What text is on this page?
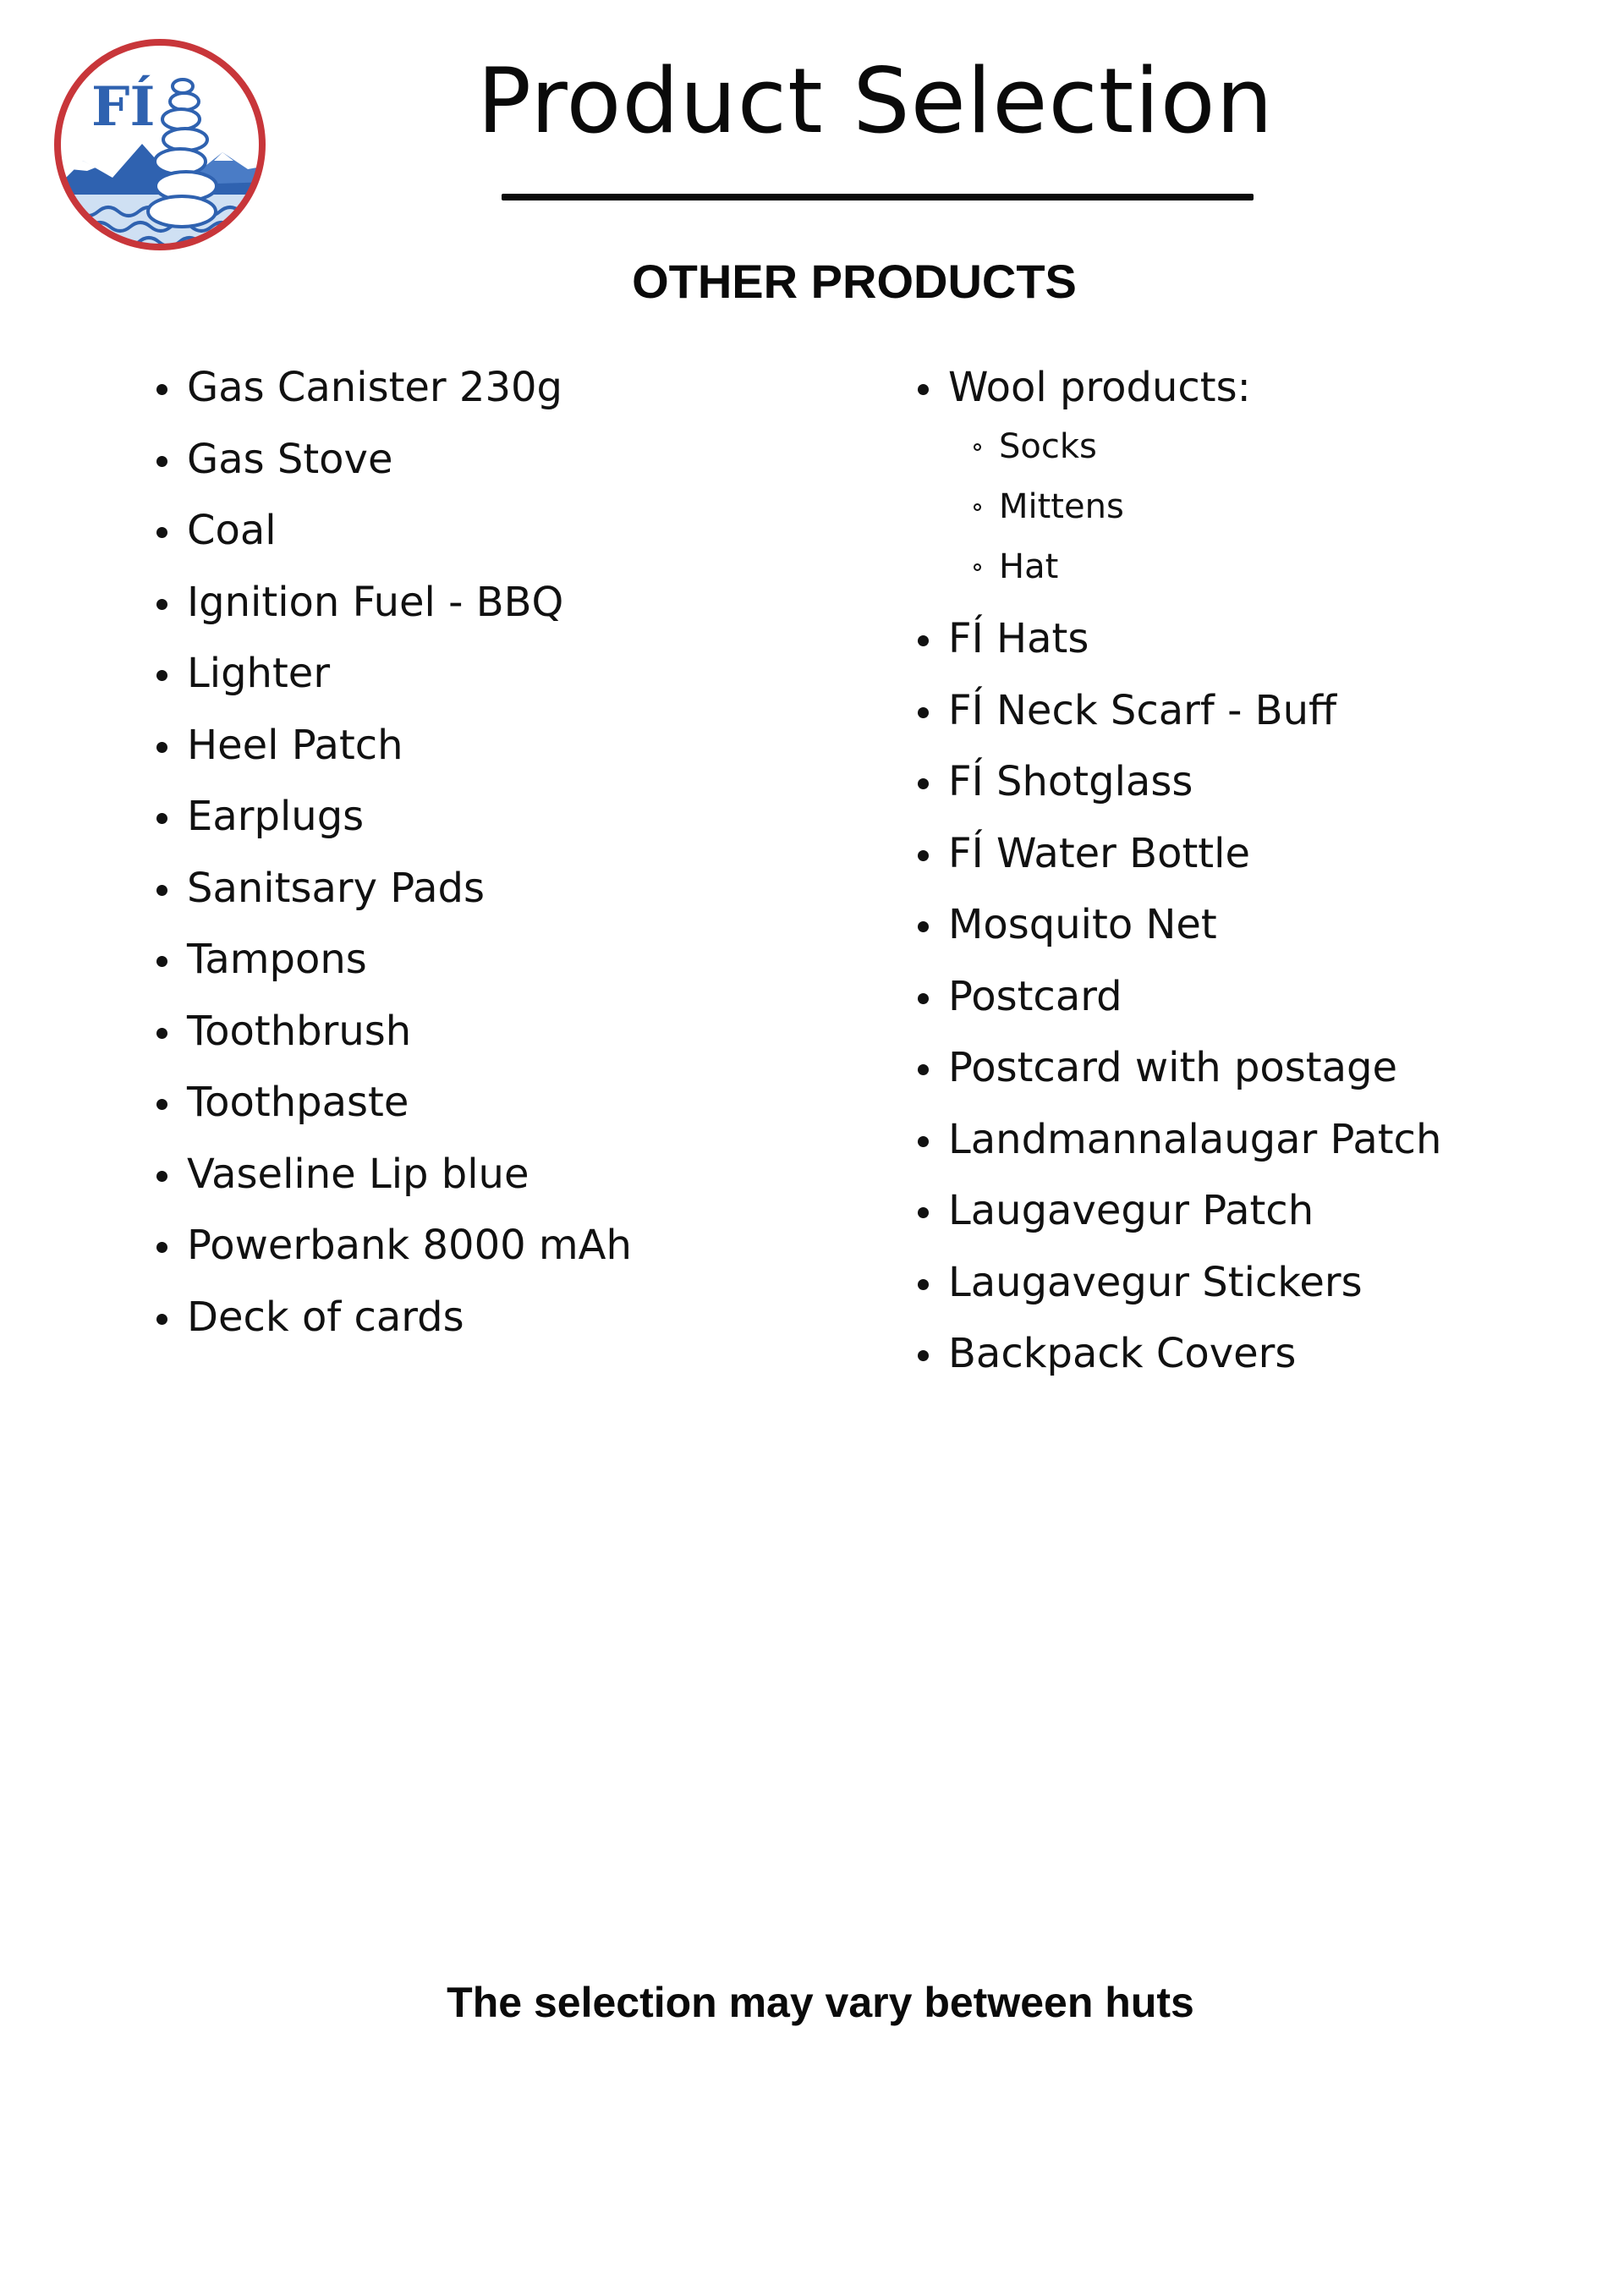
FÍ	Product Selection
OTHER PRODUCTS
Gas Canister 230g
Gas Stove
Coal
Ignition Fuel - BBQ
Lighter
Heel Patch
Earplugs
Sanitsary Pads
Tampons
Toothbrush
Toothpaste
Vaseline Lip blue
Powerbank 8000 mAh
Deck of cards
Wool products:
Socks
Mittens
Hat
FÍ Hats
FÍ Neck Scarf - Buff
FÍ Shotglass
FÍ Water Bottle
Mosquito Net
Postcard
Postcard with postage
Landmannalaugar Patch
Laugavegur Patch
Laugavegur Stickers
Backpack Covers

The selection may vary between huts
